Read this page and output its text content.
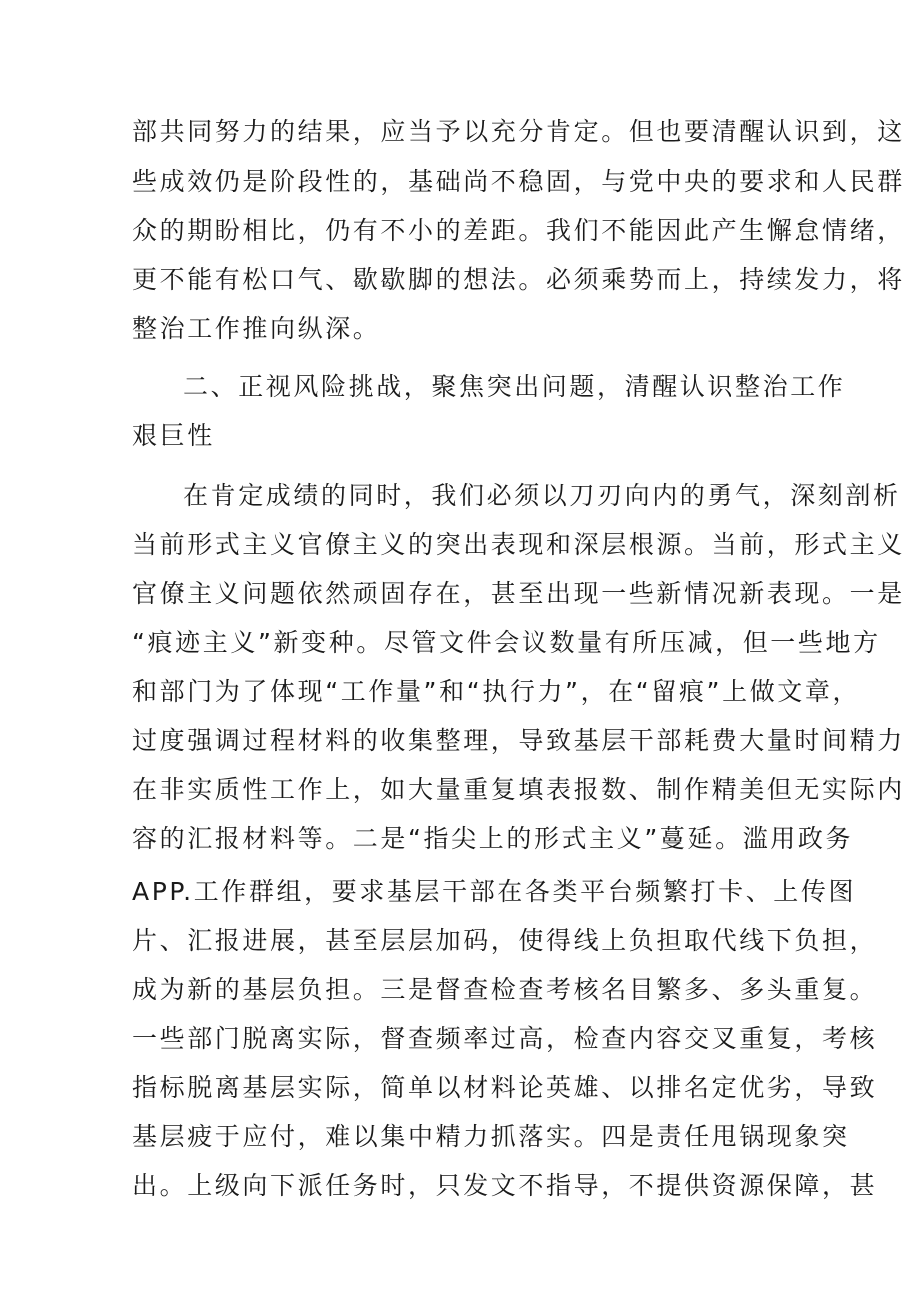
部共同努力的结果，应当予以充分肯定。但也要清醒认识到，这
些成效仍是阶段性的，基础尚不稳固，与党中央的要求和人民群
众的期盼相比，仍有不小的差距。我们不能因此产生懈怠情绪，
更不能有松口气、歇歇脚的想法。必须乘势而上，持续发力，将
整治工作推向纵深。
二、正视风险挑战，聚焦突出问题，清醒认识整治工作
艰巨性
在肯定成绩的同时，我们必须以刀刃向内的勇气，深刻剖析
当前形式主义官僚主义的突出表现和深层根源。当前，形式主义
官僚主义问题依然顽固存在，甚至出现一些新情况新表现。一是
“痕迹主义”新变种。尽管文件会议数量有所压减，但一些地方
和部门为了体现“工作量”和“执行力”，在“留痕”上做文章，
过度强调过程材料的收集整理，导致基层干部耗费大量时间精力
在非实质性工作上，如大量重复填表报数、制作精美但无实际内
容的汇报材料等。二是“指尖上的形式主义”蔓延。滥用政务
APP.工作群组，要求基层干部在各类平台频繁打卡、上传图
片、汇报进展，甚至层层加码，使得线上负担取代线下负担，
成为新的基层负担。三是督查检查考核名目繁多、多头重复。
一些部门脱离实际，督查频率过高，检查内容交叉重复，考核
指标脱离基层实际，简单以材料论英雄、以排名定优劣，导致
基层疲于应付，难以集中精力抓落实。四是责任甩锅现象突
出。上级向下派任务时，只发文不指导，不提供资源保障，甚
